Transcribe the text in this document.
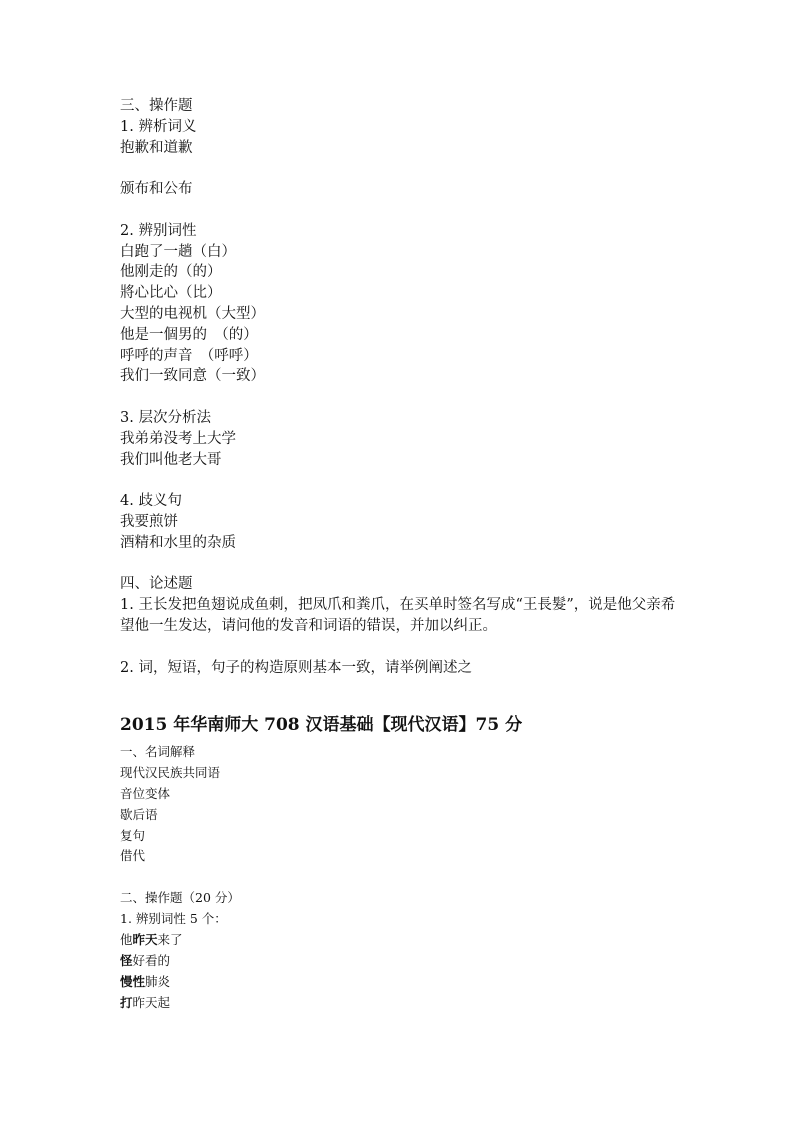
三、操作题
1. 辨析词义
抱歉和道歉
颁布和公布
2. 辨别词性
白跑了一趟（白）
他刚走的（的）
將心比心（比）
大型的电视机（大型）
他是一個男的　（的）
呼呼的声音　（呼呼）
我们一致同意（一致）
3. 层次分析法
我弟弟没考上大学
我们叫他老大哥
4. 歧义句
我要煎饼
酒精和水里的杂质
四、论述题
1. 王长发把鱼翅说成鱼刺，把凤爪和粪爪，在买单时签名写成“王長髮”，说是他父亲希望他一生发达，请问他的发音和词语的错误，并加以纠正。
2. 词，短语，句子的构造原则基本一致，请举例阐述之
2015 年华南师大 708 汉语基础【现代汉语】75 分
一、名词解释
现代汉民族共同语
音位变体
歇后语
复句
借代
二、操作题（20 分）
1. 辨别词性 5 个：
他昨天来了
怪好看的
慢性肺炎
打昨天起
